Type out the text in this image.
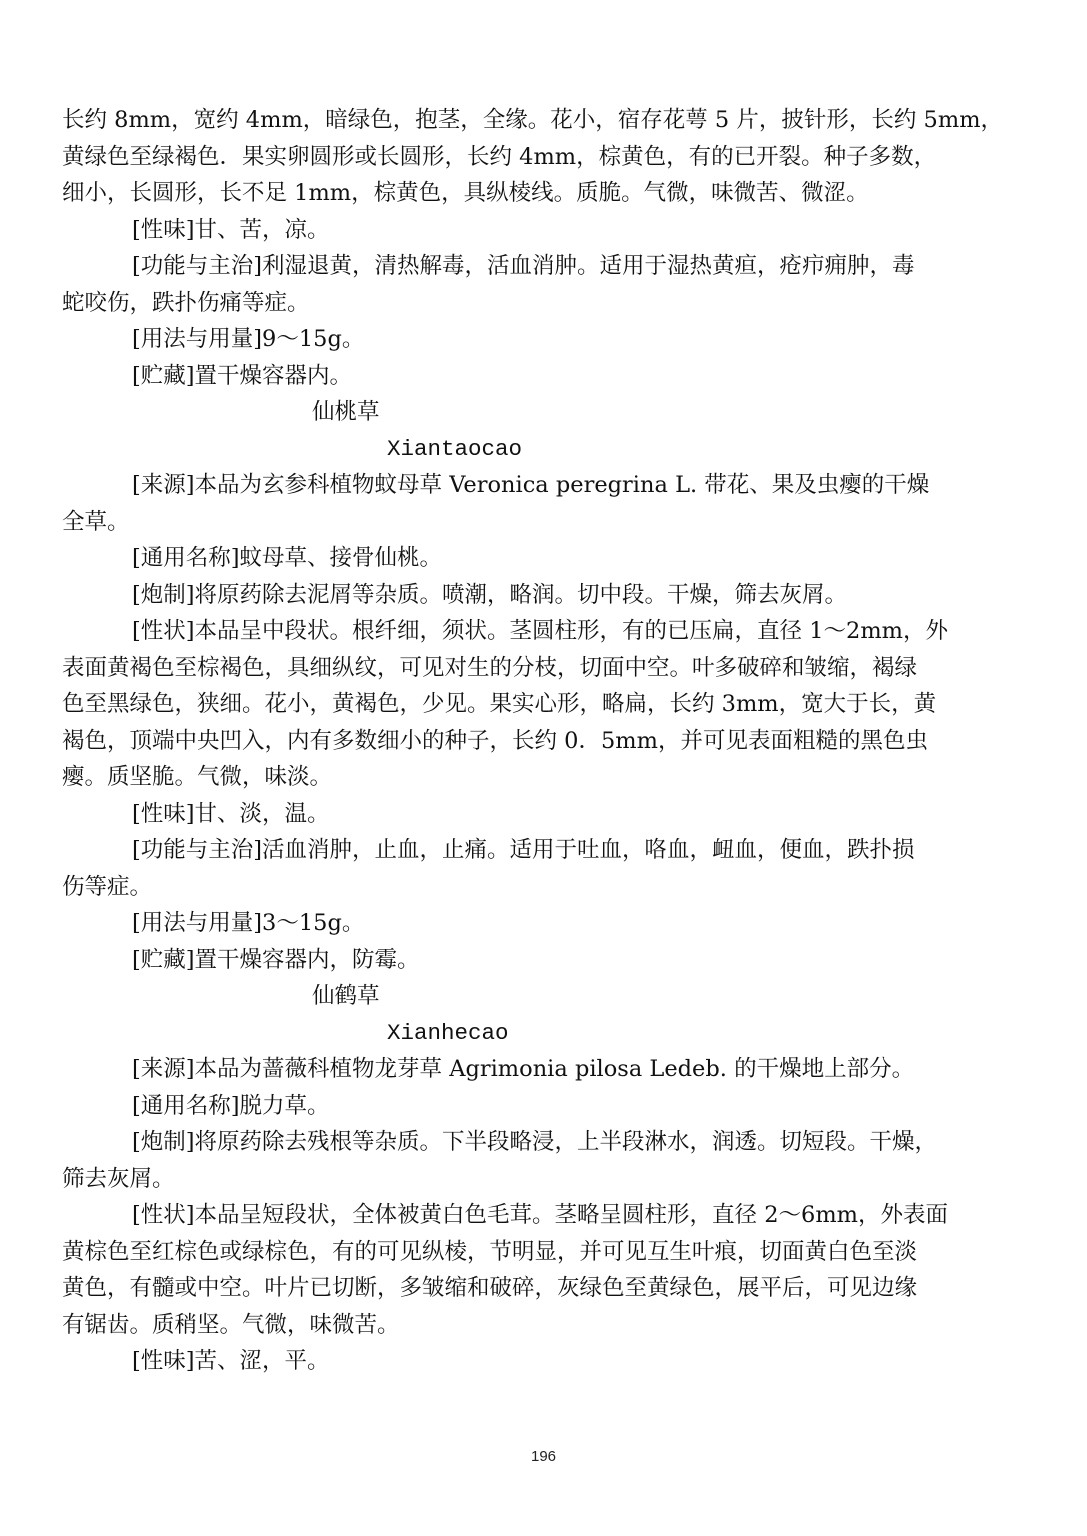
长约 8mm，宽约 4mm，暗绿色，抱茎，全缘。花小，宿存花萼 5 片，披针形，长约 5mm，

黄绿色至绿褐色．果实卵圆形或长圆形，长约 4mm，棕黄色，有的已开裂。种子多数，

细小，长圆形，长不足 1mm，棕黄色，具纵棱线。质脆。气微，味微苦、微涩。

[性味]甘、苦，凉。

[功能与主治]利湿退黄，清热解毒，活血消肿。适用于湿热黄疸，疮疖痈肿，毒

蛇咬伤，跌扑伤痛等症。

[用法与用量]9～15g。

[贮藏]置干燥容器内。

仙桃草

Xiantaocao

[来源]本品为玄参科植物蚊母草 Veronica peregrina L. 带花、果及虫瘿的干燥

全草。

[通用名称]蚊母草、接骨仙桃。

[炮制]将原药除去泥屑等杂质。喷潮，略润。切中段。干燥，筛去灰屑。

[性状]本品呈中段状。根纤细，须状。茎圆柱形，有的已压扁，直径 1～2mm，外

表面黄褐色至棕褐色，具细纵纹，可见对生的分枝，切面中空。叶多破碎和皱缩，褐绿

色至黑绿色，狭细。花小，黄褐色，少见。果实心形，略扁，长约 3mm，宽大于长，黄

褐色，顶端中央凹入，内有多数细小的种子，长约 0．5mm，并可见表面粗糙的黑色虫

瘿。质坚脆。气微，味淡。

[性味]甘、淡，温。

[功能与主治]活血消肿，止血，止痛。适用于吐血，咯血，衄血，便血，跌扑损

伤等症。

[用法与用量]3～15g。

[贮藏]置干燥容器内，防霉。

仙鹤草

Xianhecao

[来源]本品为蔷薇科植物龙芽草 Agrimonia pilosa Ledeb. 的干燥地上部分。

[通用名称]脱力草。

[炮制]将原药除去残根等杂质。下半段略浸，上半段淋水，润透。切短段。干燥，

筛去灰屑。

[性状]本品呈短段状，全体被黄白色毛茸。茎略呈圆柱形，直径 2～6mm，外表面

黄棕色至红棕色或绿棕色，有的可见纵棱，节明显，并可见互生叶痕，切面黄白色至淡

黄色，有髓或中空。叶片已切断，多皱缩和破碎，灰绿色至黄绿色，展平后，可见边缘

有锯齿。质稍坚。气微，味微苦。

[性味]苦、涩，平。

196
